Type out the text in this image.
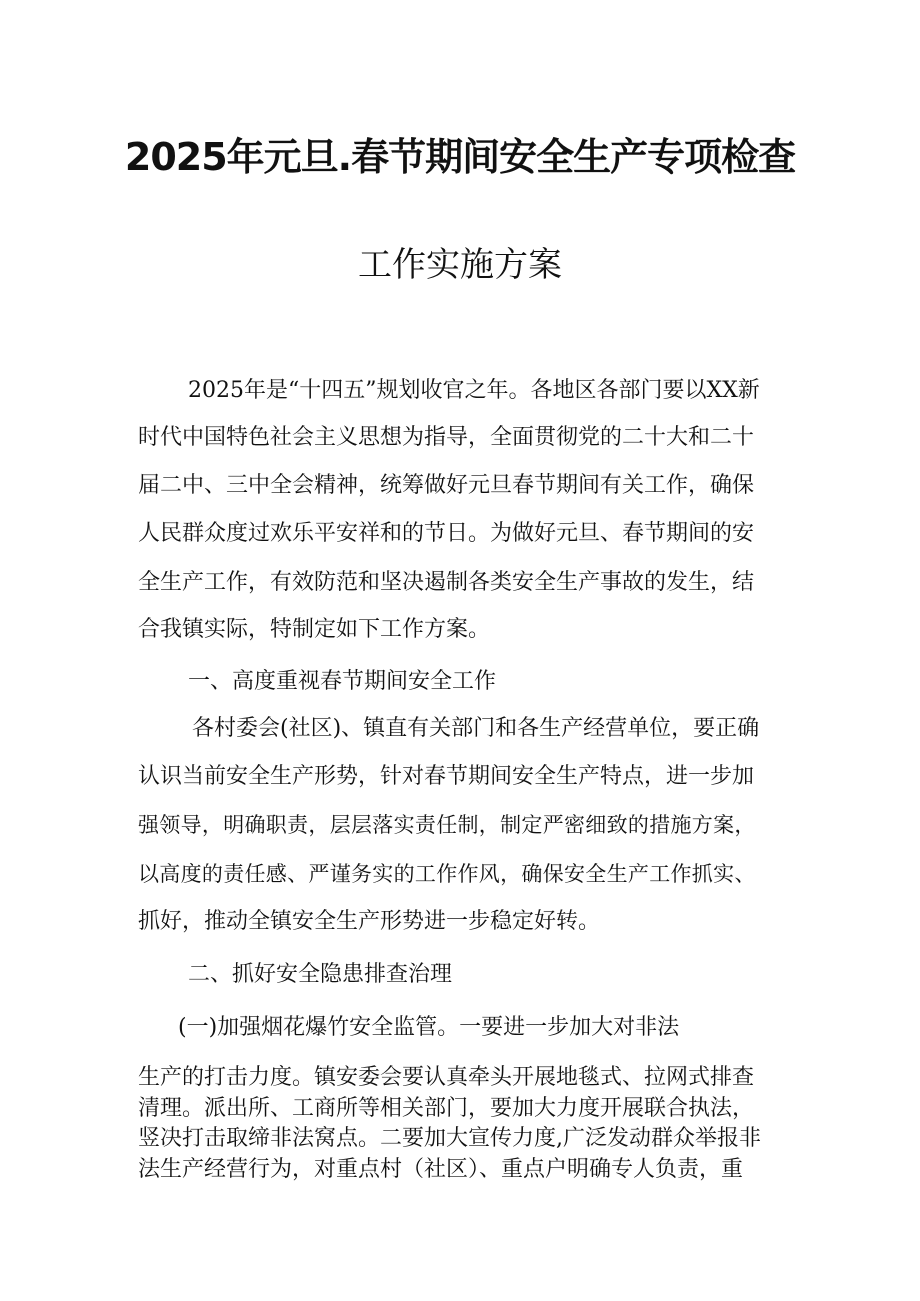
2025年元旦.春节期间安全生产专项检查
工作实施方案
2025年是“十四五”规划收官之年。各地区各部门要以XX新
时代中国特色社会主义思想为指导，全面贯彻党的二十大和二十
届二中、三中全会精神，统筹做好元旦春节期间有关工作，确保
人民群众度过欢乐平安祥和的节日。为做好元旦、春节期间的安
全生产工作，有效防范和坚决遏制各类安全生产事故的发生，结
合我镇实际，特制定如下工作方案。
一、高度重视春节期间安全工作
各村委会(社区)、镇直有关部门和各生产经营单位，要正确
认识当前安全生产形势，针对春节期间安全生产特点，进一步加
强领导，明确职责，层层落实责任制，制定严密细致的措施方案，
以高度的责任感、严谨务实的工作作风，确保安全生产工作抓实、
抓好，推动全镇安全生产形势进一步稳定好转。
二、抓好安全隐患排查治理
(一)加强烟花爆竹安全监管。一要进一步加大对非法
生产的打击力度。镇安委会要认真牵头开展地毯式、拉网式排查
清理。派出所、工商所等相关部门，要加大力度开展联合执法，
竖决打击取缔非法窝点。二要加大宣传力度,广泛发动群众举报非
法生产经营行为，对重点村（社区）、重点户明确专人负责，重
